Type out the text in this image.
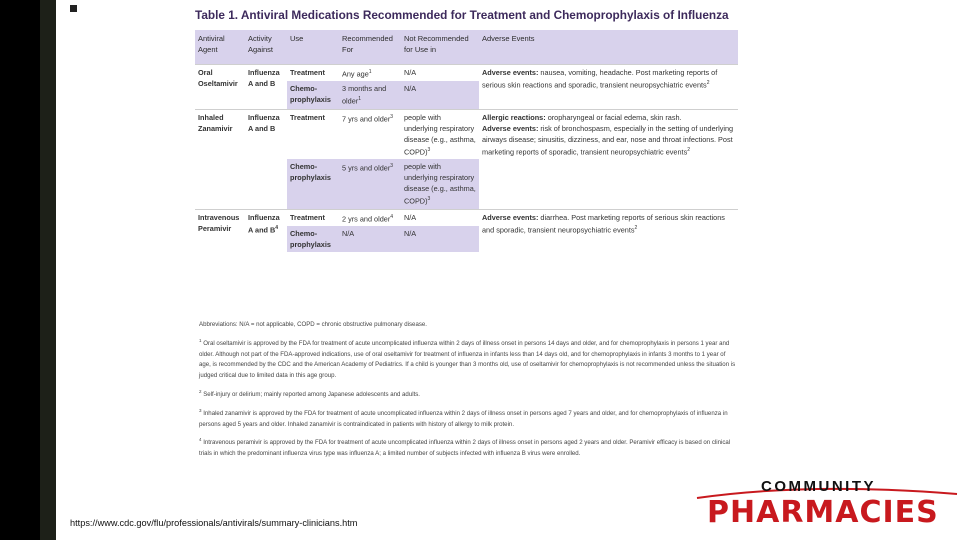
Table 1. Antiviral Medications Recommended for Treatment and Chemoprophylaxis of Influenza
Antiviral Agent	Activity Against	Use	Recommended For	Not Recommended for Use in	Adverse Events
Oral Oseltamivir	Influenza A and B	Treatment	Any age$^1$	N/A	Adverse events: nausea, vomiting, headache. Post marketing reports of serious skin reactions and sporadic, transient neuropsychiatric events$^2$
		Chemo-prophylaxis	3 months and older$^1$	N/A	
Inhaled Zanamivir	Influenza A and B	Treatment	7 yrs and older$^3$	people with underlying respiratory disease (e.g., asthma, COPD)$^3$	Allergic reactions: oropharyngeal or facial edema, skin rash.
Adverse events: risk of bronchospasm, especially in the setting of underlying airways disease; sinusitis, dizziness, and ear, nose and throat infections. Post marketing reports of sporadic, transient neuropsychiatric events$^2$
		Chemo-prophylaxis	5 yrs and older$^3$	people with underlying respiratory disease (e.g., asthma, COPD)$^3$
Intravenous Peramivir	Influenza A and $B^4$	Treatment	2 yrs and older$^4$	N/A	Adverse events: diarrhea. Post marketing reports of serious skin reactions and sporadic, transient neuropsychiatric events$^2$
		Chemo-prophylaxis	N/A	N/A	
Abbreviations: N/A = not applicable, COPD = chronic obstructive pulmonary disease.
$^1$ Oral oseltamivir is approved by the FDA for treatment of acute uncomplicated influenza within 2 days of illness onset in persons 14 days and older, and for chemoprophylaxis in persons 1 year and older. Although not part of the FDA-approved indications, use of oral oseltamivir for treatment of influenza in infants less than 14 days old, and for chemoprophylaxis in infants 3 months to 1 year of age, is recommended by the CDC and the American Academy of Pediatrics. If a child is younger than 3 months old, use of oseltamivir for chemoprophylaxis is not recommended unless the situation is judged critical due to limited data in this age group.
$^2$ Self-injury or delirium; mainly reported among Japanese adolescents and adults.
$^3$ Inhaled zanamivir is approved by the FDA for treatment of acute uncomplicated influenza within 2 days of illness onset in persons aged 7 years and older, and for chemoprophylaxis of influenza in persons aged 5 years and older. Inhaled zanamivir is contraindicated in patients with history of allergy to milk protein.
$^4$ Intravenous peramivir is approved by the FDA for treatment of acute uncomplicated influenza within 2 days of illness onset in persons aged 2 years and older. Peramivir efficacy is based on clinical trials in which the predominant influenza virus type was influenza A; a limited number of subjects infected with influenza B virus were enrolled.
https://www.cdc.gov/flu/professionals/antivirals/summary-clinicians.htm
COMMUNITY
PHARMACIES
